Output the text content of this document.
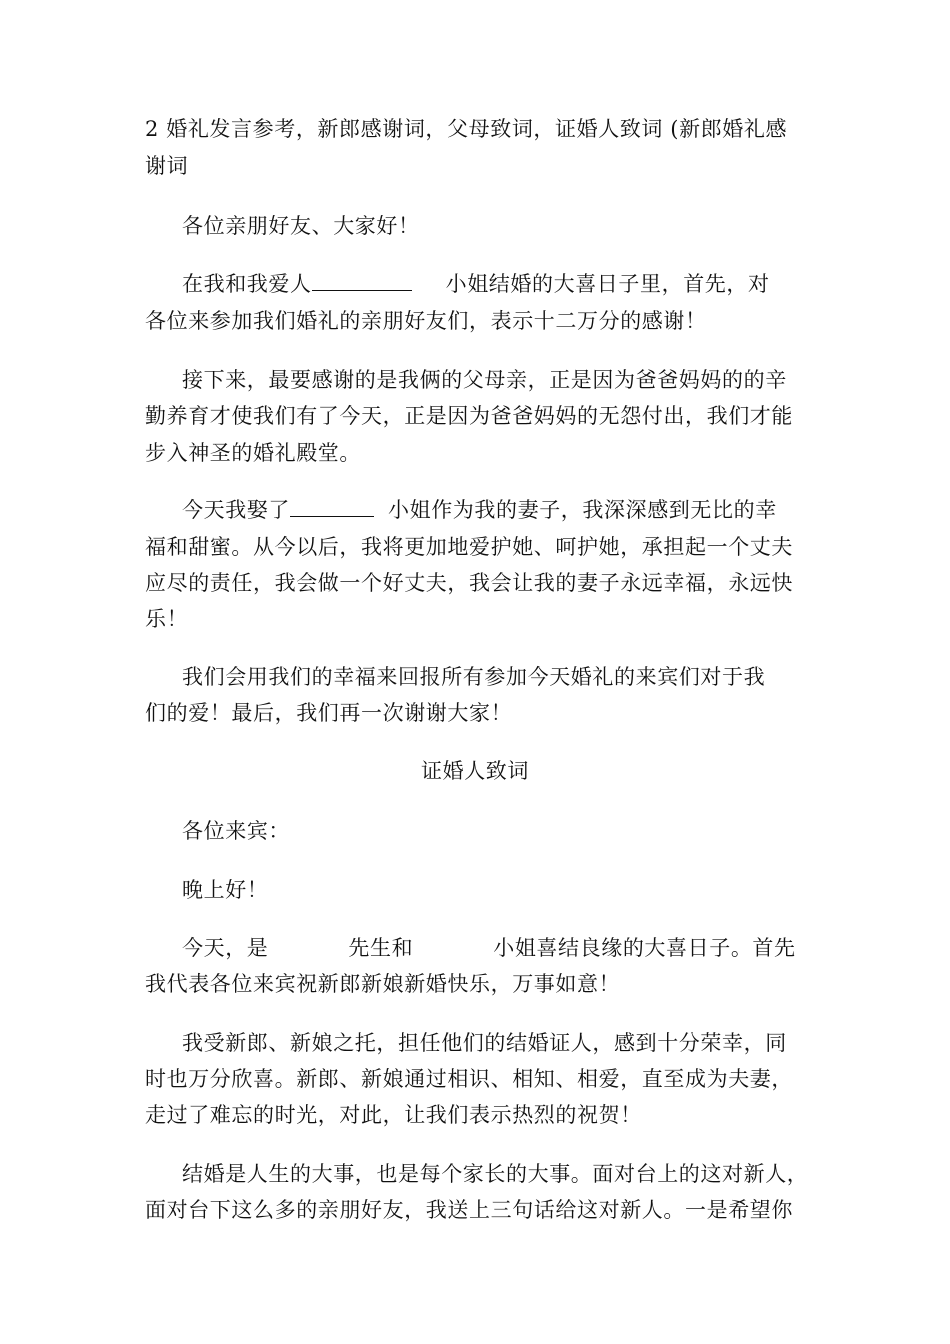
2 婚礼发言参考，新郎感谢词，父母致词，证婚人致词 (新郎婚礼感
谢词
各位亲朋好友、大家好！
在我和我爱人	小姐结婚的大喜日子里，首先，对
各位来参加我们婚礼的亲朋好友们，表示十二万分的感谢！
接下来，最要感谢的是我俩的父母亲，正是因为爸爸妈妈的的辛
勤养育才使我们有了今天，正是因为爸爸妈妈的无怨付出，我们才能
步入神圣的婚礼殿堂。
今天我娶了	小姐作为我的妻子，我深深感到无比的幸
福和甜蜜。从今以后，我将更加地爱护她、呵护她，承担起一个丈夫
应尽的责任，我会做一个好丈夫，我会让我的妻子永远幸福，永远快
乐！
我们会用我们的幸福来回报所有参加今天婚礼的来宾们对于我
们的爱！最后，我们再一次谢谢大家！
证婚人致词
各位来宾：
晚上好！
今天，是	先生和	小姐喜结良缘的大喜日子。首先
我代表各位来宾祝新郎新娘新婚快乐，万事如意！
我受新郎、新娘之托，担任他们的结婚证人，感到十分荣幸，同
时也万分欣喜。新郎、新娘通过相识、相知、相爱，直至成为夫妻，
走过了难忘的时光，对此，让我们表示热烈的祝贺！
结婚是人生的大事，也是每个家长的大事。面对台上的这对新人，
面对台下这么多的亲朋好友，我送上三句话给这对新人。一是希望你
